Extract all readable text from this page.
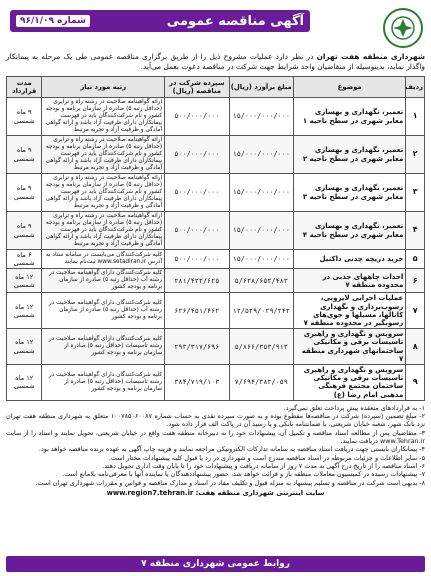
آگهی مناقصه عمومی
شماره ۹۶/۱/۰۹

شهرداری منطقه هفت تهران در نظر دارد عملیات مشروح ذیل را از طریق برگزاری مناقصه عمومی طی یک مرحله به پیمانکار واگذار نماید، بدینوسیله از متقاضیان واجد شرایط جهت شرکت در مناقصه دعوت بعمل می‌آید.

ردیف	موضوع	مبلغ برآورد (ریال)	سپرده شرکت در مناقصه (ریال)	رتبه مورد نیاز	مدت قرارداد
۱	تعمیر، نگهداری و بهسازی معابر شهری در سطح ناحیه ۱	۱۵/۰۰۰/۰۰۰/۰۰۰	۵۰۰/۰۰۰/۰۰۰	ارائه گواهینامه صلاحیت در رشته راه و ترابری (حداقل رتبه ۵) صادره از سازمان برنامه و بودجه کشور و نام شرکت‌کنندگان باید در فهرست پیمانکاران دارای ظرفیت آزاد باشد و ارائه گواهی آمادگی و ظرفیت آزاد و تجربه مرتبط	۹ ماه شمسی
۲	تعمیر، نگهداری و بهسازی معابر شهری در سطح ناحیه ۲	۱۵/۰۰۰/۰۰۰/۰۰۰	۵۰۰/۰۰۰/۰۰۰	ارائه گواهینامه صلاحیت در رشته راه و ترابری (حداقل رتبه ۵) صادره از سازمان برنامه و بودجه کشور و نام شرکت‌کنندگان باید در فهرست پیمانکاران دارای ظرفیت آزاد باشد و ارائه گواهی آمادگی و ظرفیت آزاد و تجربه مرتبط	۹ ماه شمسی
۳	تعمیر، نگهداری و بهسازی معابر شهری در سطح ناحیه ۳	۱۵/۰۰۰/۰۰۰/۰۰۰	۵۰۰/۰۰۰/۰۰۰	ارائه گواهینامه صلاحیت در رشته راه و ترابری (حداقل رتبه ۵) صادره از سازمان برنامه و بودجه کشور و نام شرکت‌کنندگان باید در فهرست پیمانکاران دارای ظرفیت آزاد باشد و ارائه گواهی آمادگی و ظرفیت آزاد و تجربه مرتبط	۹ ماه شمسی
۴	تعمیر، نگهداری و بهسازی معابر شهری در سطح ناحیه ۴	۱۵/۰۰۰/۰۰۰/۰۰۰	۵۰۰/۰۰۰/۰۰۰	ارائه گواهینامه صلاحیت در رشته راه و ترابری (حداقل رتبه ۵) صادره از سازمان برنامه و بودجه کشور و نام شرکت‌کنندگان باید در فهرست پیمانکاران دارای ظرفیت آزاد باشد و ارائه گواهی آمادگی و ظرفیت آزاد و تجربه مرتبط	۹ ماه شمسی
۵	خرید دریچه چدنی داکتیل	۱۵/۰۰۰/۰۰۰/۰۰۰	۵۰۰/۰۰۰/۰۰۰	کلیه شرکت‌کنندگان می‌بایست در سامانه ستاد به آدرس www.setadiran.ir ثبت‌نام نمایند	۶ ماه شمسی
۶	احداث چاههای جذبی در محدوده منطقه ۷	۵/۶۲۸/۶۵۲/۴۸۳	۲۸۱/۴۳۲/۶۲۵	کلیه شرکت‌کنندگان دارای گواهینامه صلاحیت در رشته آب (حداقل رتبه ۵) صادره از سازمان برنامه و بودجه کشور	۱۲ ماه شمسی
۷	عملیات اجرایی لایروبی، رسوب‌برداری و نگهداری کانالها، مسیلها و جوی‌های رسوبگیر در محدوده منطقه ۷	۱۲/۵۲۹/۰۲۹/۲۴۲	۶۲۶/۴۵۱/۴۶۲	کلیه شرکت‌کنندگان دارای گواهینامه صلاحیت در رشته آب (حداقل رتبه ۵) صادره از سازمان برنامه و بودجه کشور	۱۲ ماه شمسی
۸	سرویس و نگهداری و راهبری تاسیسات برقی و مکانیکی ساختمانهای شهرداری منطقه ۷	۵/۸۶۶/۳۵۳/۹۱۳	۲۹۳/۳۱۷/۶۹۶	کلیه شرکت‌کنندگان دارای گواهینامه صلاحیت در رشته تاسیسات (حداقل رتبه ۵) صادره از سازمان برنامه و بودجه کشور	۱۲ ماه شمسی
۹	سرویس و نگهداری و راهبری تاسیسات برقی و مکانیکی ساختمان مجتمع فرهنگی مذهبی امام رضا (ع)	۷/۶۹۴/۳۸۲/۰۵۹	۳۸۴/۷۱۹/۱۰۳	کلیه شرکت‌کنندگان دارای گواهینامه صلاحیت در رشته تاسیسات (حداقل رتبه ۵) صادره از سازمان برنامه و بودجه کشور	۱۲ ماه شمسی

۱- به قراردادهای منعقده پیش پرداخت تعلق نمی‌گیرد.

۲- مبلغ تضمین (سپرده) شرکت در مناقصه‌ها مقطوع بوده و به صورت سپرده نقدی به حساب شماره ۱۰۰۷۸۵۰۶۰۰۸۷ متعلق به شهرداری منطقه هفت تهران نزد بانک شهر، شعبه خیابان شریعتی، یا ضمانتنامه بانکی و یا رسید آن در پاکت الف قرار داده شود.

۳- متقاضیان پس از مطالعه اسناد مناقصه و تکمیل آن، پیشنهادات خود را به دبیرخانه منطقه هفت واقع در خیابان شریعتی، تحویل نمایند و اسناد را از سایت www.Tehran.ir دریافت نمایند.

۴- پیمانکاران بایستی جهت دریافت اسناد مناقصه به سامانه تدارکات الکترونیکی مراجعه نمایند و هزینه چاپ آگهی به عهده برنده مناقصه خواهد بود.

۵- سایر اطلاعات و جزئیات مربوطه در اسناد مناقصه مندرج است و شهرداری در رد یا قبول کلیه پیشنهادات مختار است.

۶- اسناد مناقصه را از تاریخ درج آگهی به مدت ۷ روز از سامانه دریافت و پیشنهادات خود را تا پایان وقت اداری تحویل دهند.

۷- پیشنهادات رسیده در کمیسیون معاملات منطقه باز و قرائت خواهد شد، حضور پیشنهاددهندگان یا نماینده آنها با معرفی‌نامه بلامانع است.

۸- بدیهی است شرکت در مناقصه و تسلیم پیشنهاد به منزله قبول و تکلیف مفاد در اسناد و مدارک مناقصه و قوانین و مقررات شهرداری تهران است.

سایت اینترنتی شهرداری منطقه هفت: www.region7.tehran.ir
روابط عمومی شهرداری منطقه ۷
